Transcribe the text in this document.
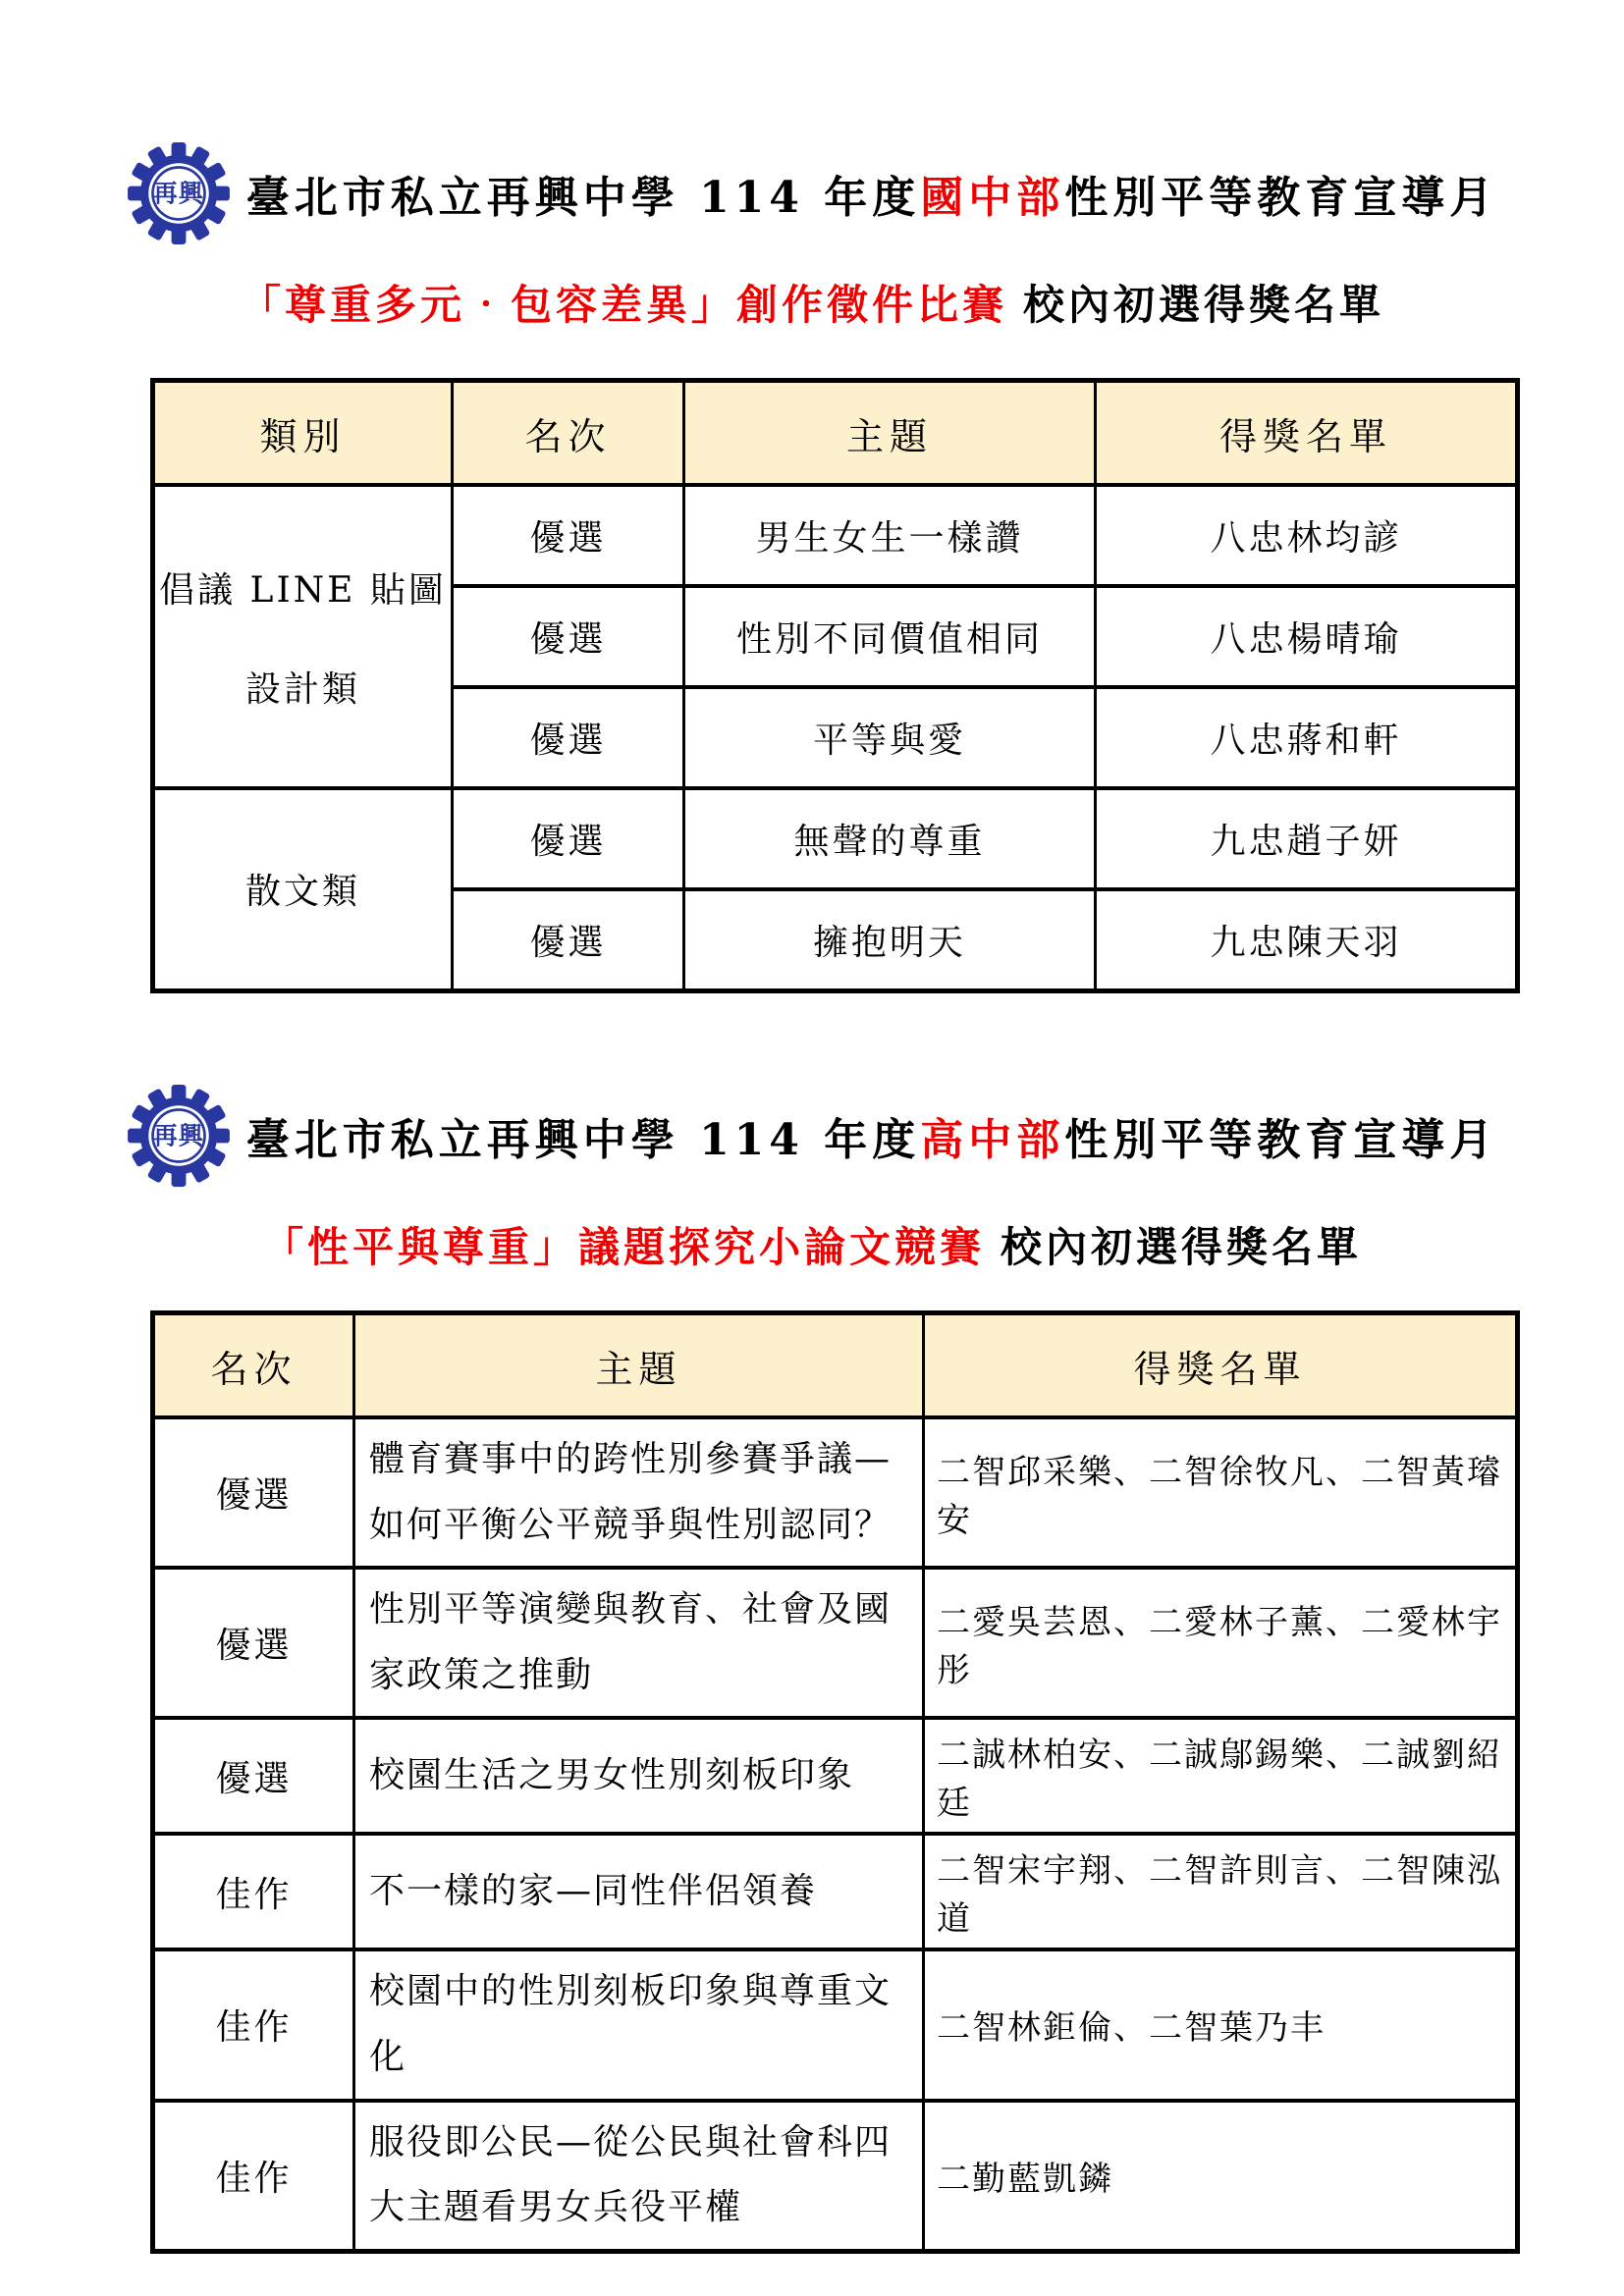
再興 臺北市私立再興中學 114 年度國中部性別平等教育宣導月
「尊重多元‧包容差異」創作徵件比賽 校內初選得獎名單
類別	名次	主題	得獎名單

倡議 LINE 貼圖
設計類	優選	男生女生一樣讚	八忠林均諺
	優選	性別不同價值相同	八忠楊晴瑜
	優選	平等與愛	八忠蔣和軒
散文類	優選	無聲的尊重	九忠趙子妍
	優選	擁抱明天	九忠陳天羽
再興 臺北市私立再興中學 114 年度高中部性別平等教育宣導月
「性平與尊重」議題探究小論文競賽 校內初選得獎名單
名次	主題	得獎名單
優選	體育賽事中的跨性別參賽爭議—如何平衡公平競爭與性別認同？	二智邱采樂、二智徐牧凡、二智黃璿安
優選	性別平等演變與教育、社會及國家政策之推動	二愛吳芸恩、二愛林子薰、二愛林宇彤
優選	校園生活之男女性別刻板印象	二誠林柏安、二誠鄔錫樂、二誠劉紹廷
佳作	不一樣的家—同性伴侶領養	二智宋宇翔、二智許則言、二智陳泓道
佳作	校園中的性別刻板印象與尊重文化	二智林鉅倫、二智葉乃丰
佳作	服役即公民—從公民與社會科四大主題看男女兵役平權	二勤藍凱鏻
